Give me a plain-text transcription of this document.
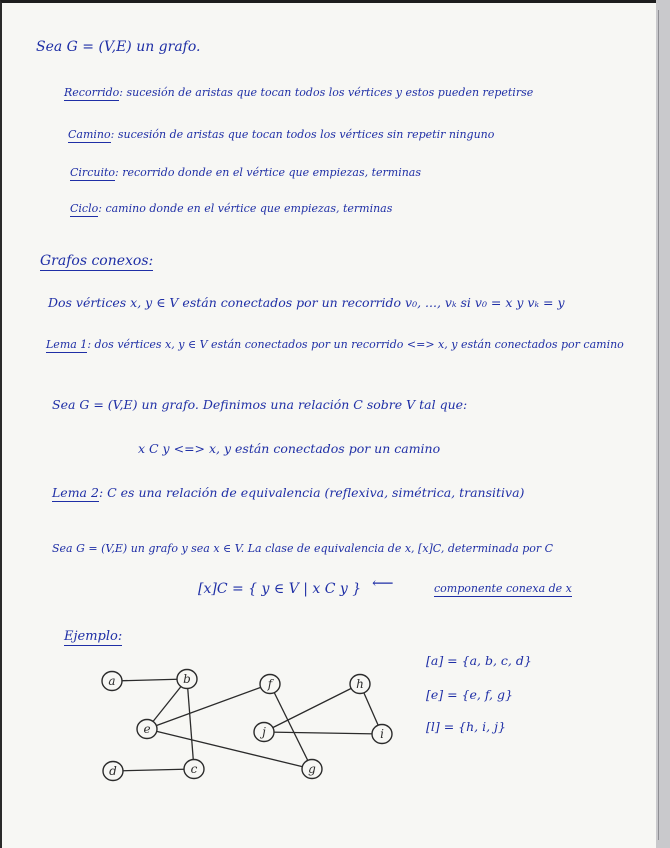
Sea G = (V,E) un grafo.
Recorrido: sucesión de aristas que tocan todos los vértices y estos pueden repetirse
Camino: sucesión de aristas que tocan todos los vértices sin repetir ninguno
Circuito: recorrido donde en el vértice que empiezas, terminas
Ciclo: camino donde en el vértice que empiezas, terminas
Grafos conexos:
Dos vértices x, y ∈ V están conectados por un recorrido v₀, ..., vₖ si v₀ = x y vₖ = y
Lema 1: dos vértices x, y ∈ V están conectados por un recorrido <=> x, y están conectados por camino
Sea G = (V,E) un grafo. Definimos una relación C sobre V tal que:
x C y <=> x, y están conectados por un camino
Lema 2: C es una relación de equivalencia (reflexiva, simétrica, transitiva)
Sea G = (V,E) un grafo y sea x ∈ V. La clase de equivalencia de x, [x]C, determinada por C
[x]C = { y ∈ V | x C y } ⟵	componente conexa de x
Ejemplo:
a	b
e
d	c
f
j
g
h
i
[a] = {a, b, c, d}
[e] = {e, f, g}
[l] = {h, i, j}
